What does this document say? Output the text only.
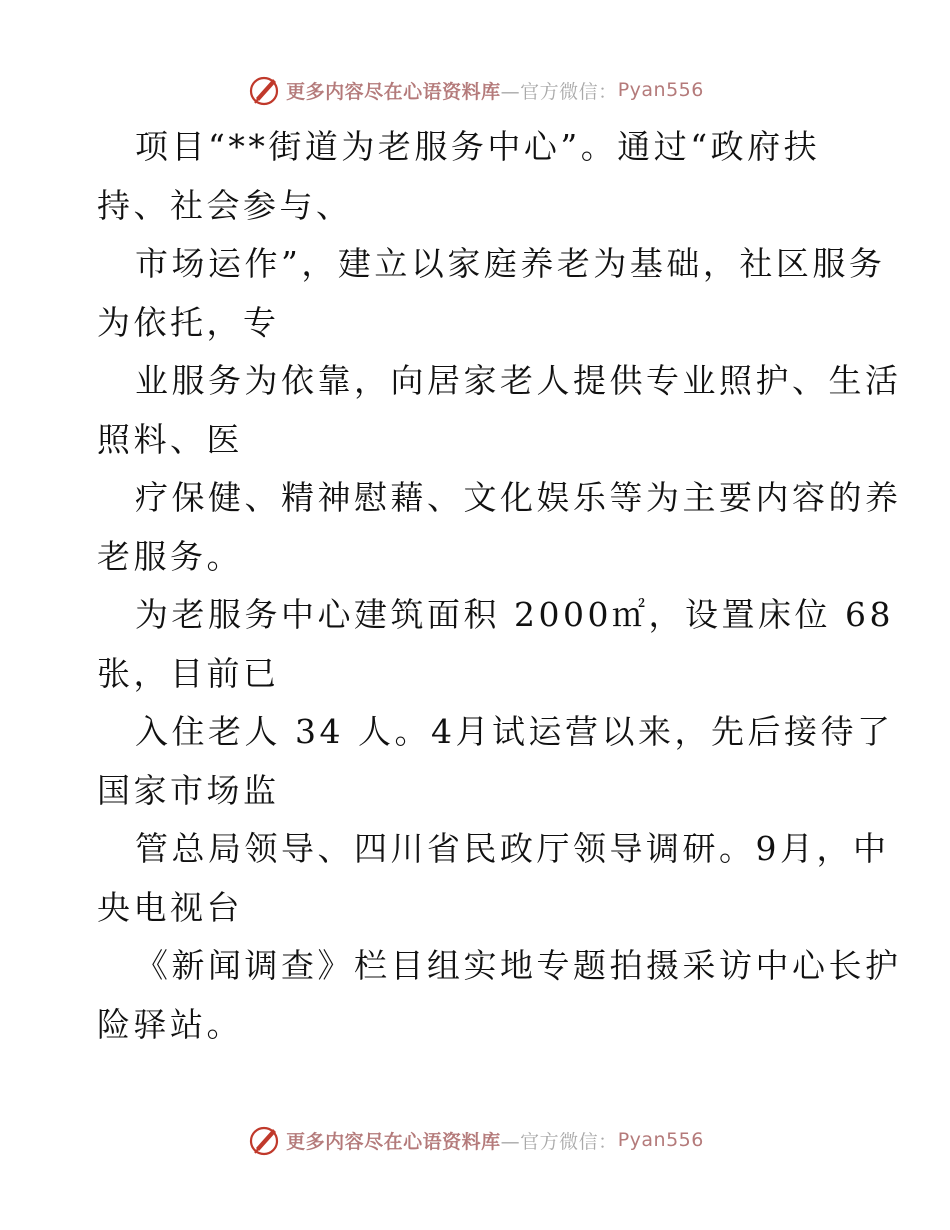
更多内容尽在心语资料库 —官方微信： Pyan556
项目“**街道为老服务中心”。通过“政府扶
持、社会参与、
市场运作”，建立以家庭养老为基础，社区服务
为依托，专
业服务为依靠，向居家老人提供专业照护、生活
照料、医
疗保健、精神慰藉、文化娱乐等为主要内容的养
老服务。
为老服务中心建筑面积 2000㎡，设置床位 68
张，目前已
入住老人 34 人。4月试运营以来，先后接待了
国家市场监
管总局领导、四川省民政厅领导调研。9月，中
央电视台
《新闻调查》栏目组实地专题拍摄采访中心长护
险驿站。
更多内容尽在心语资料库 —官方微信： Pyan556
